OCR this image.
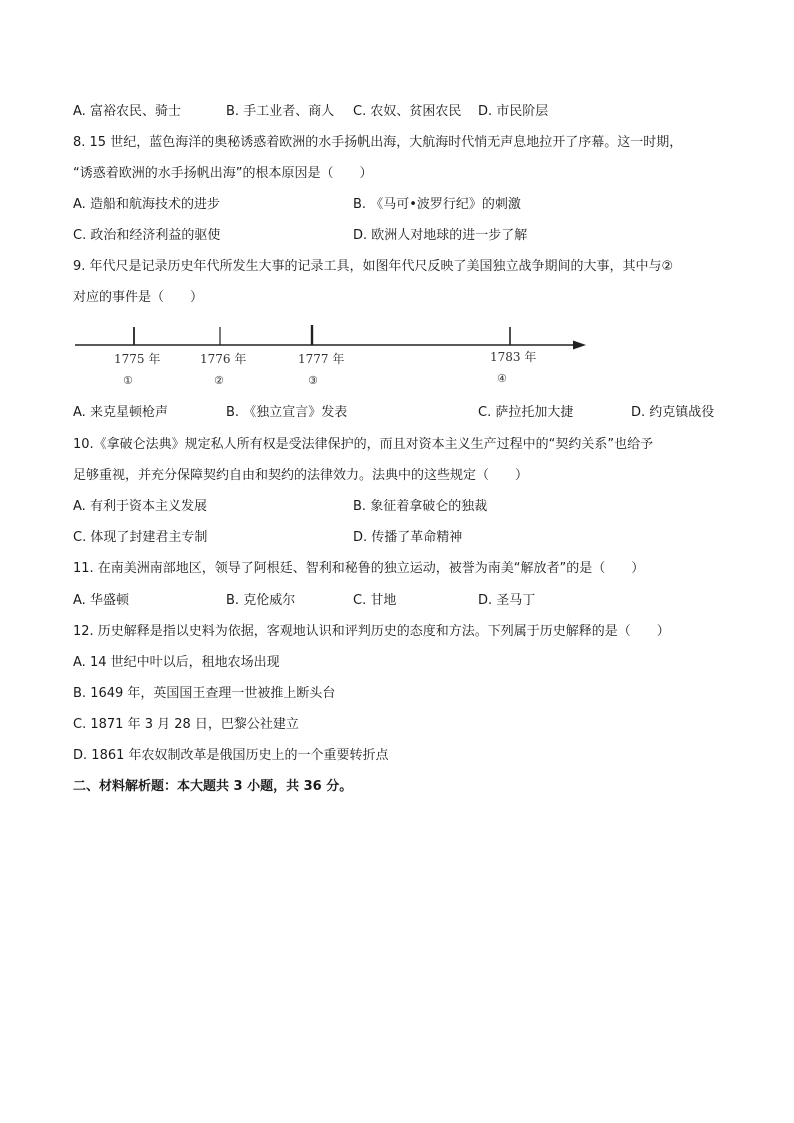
A. 富裕农民、骑士	B. 手工业者、商人 C. 农奴、贫困农民 D. 市民阶层
8. 15 世纪，蓝色海洋的奥秘诱惑着欧洲的水手扬帆出海，大航海时代悄无声息地拉开了序幕。这一时期，
“诱惑着欧洲的水手扬帆出海”的根本原因是（　　）
A. 造船和航海技术的进步	B. 《马可•波罗行纪》的刺激
C. 政治和经济利益的驱使	D. 欧洲人对地球的进一步了解
9. 年代尺是记录历史年代所发生大事的记录工具，如图年代尺反映了美国独立战争期间的大事，其中与②
对应的事件是（　　）
1775 年	1776 年	1777 年	1783 年
①	②	③	④
A. 来克星顿枪声	B. 《独立宣言》发表	C. 萨拉托加大捷	D. 约克镇战役
10.《拿破仑法典》规定私人所有权是受法律保护的，而且对资本主义生产过程中的“契约关系”也给予
足够重视，并充分保障契约自由和契约的法律效力。法典中的这些规定（　　）
A. 有利于资本主义发展	B. 象征着拿破仑的独裁
C. 体现了封建君主专制	D. 传播了革命精神
11. 在南美洲南部地区，领导了阿根廷、智利和秘鲁的独立运动，被誉为南美“解放者”的是（　　）
A. 华盛顿	B. 克伦威尔	C. 甘地	D. 圣马丁
12. 历史解释是指以史料为依据，客观地认识和评判历史的态度和方法。下列属于历史解释的是（　　）
A. 14 世纪中叶以后，租地农场出现
B. 1649 年，英国国王查理一世被推上断头台
C. 1871 年 3 月 28 日，巴黎公社建立
D. 1861 年农奴制改革是俄国历史上的一个重要转折点
二、材料解析题：本大题共 3 小题，共 36 分。
